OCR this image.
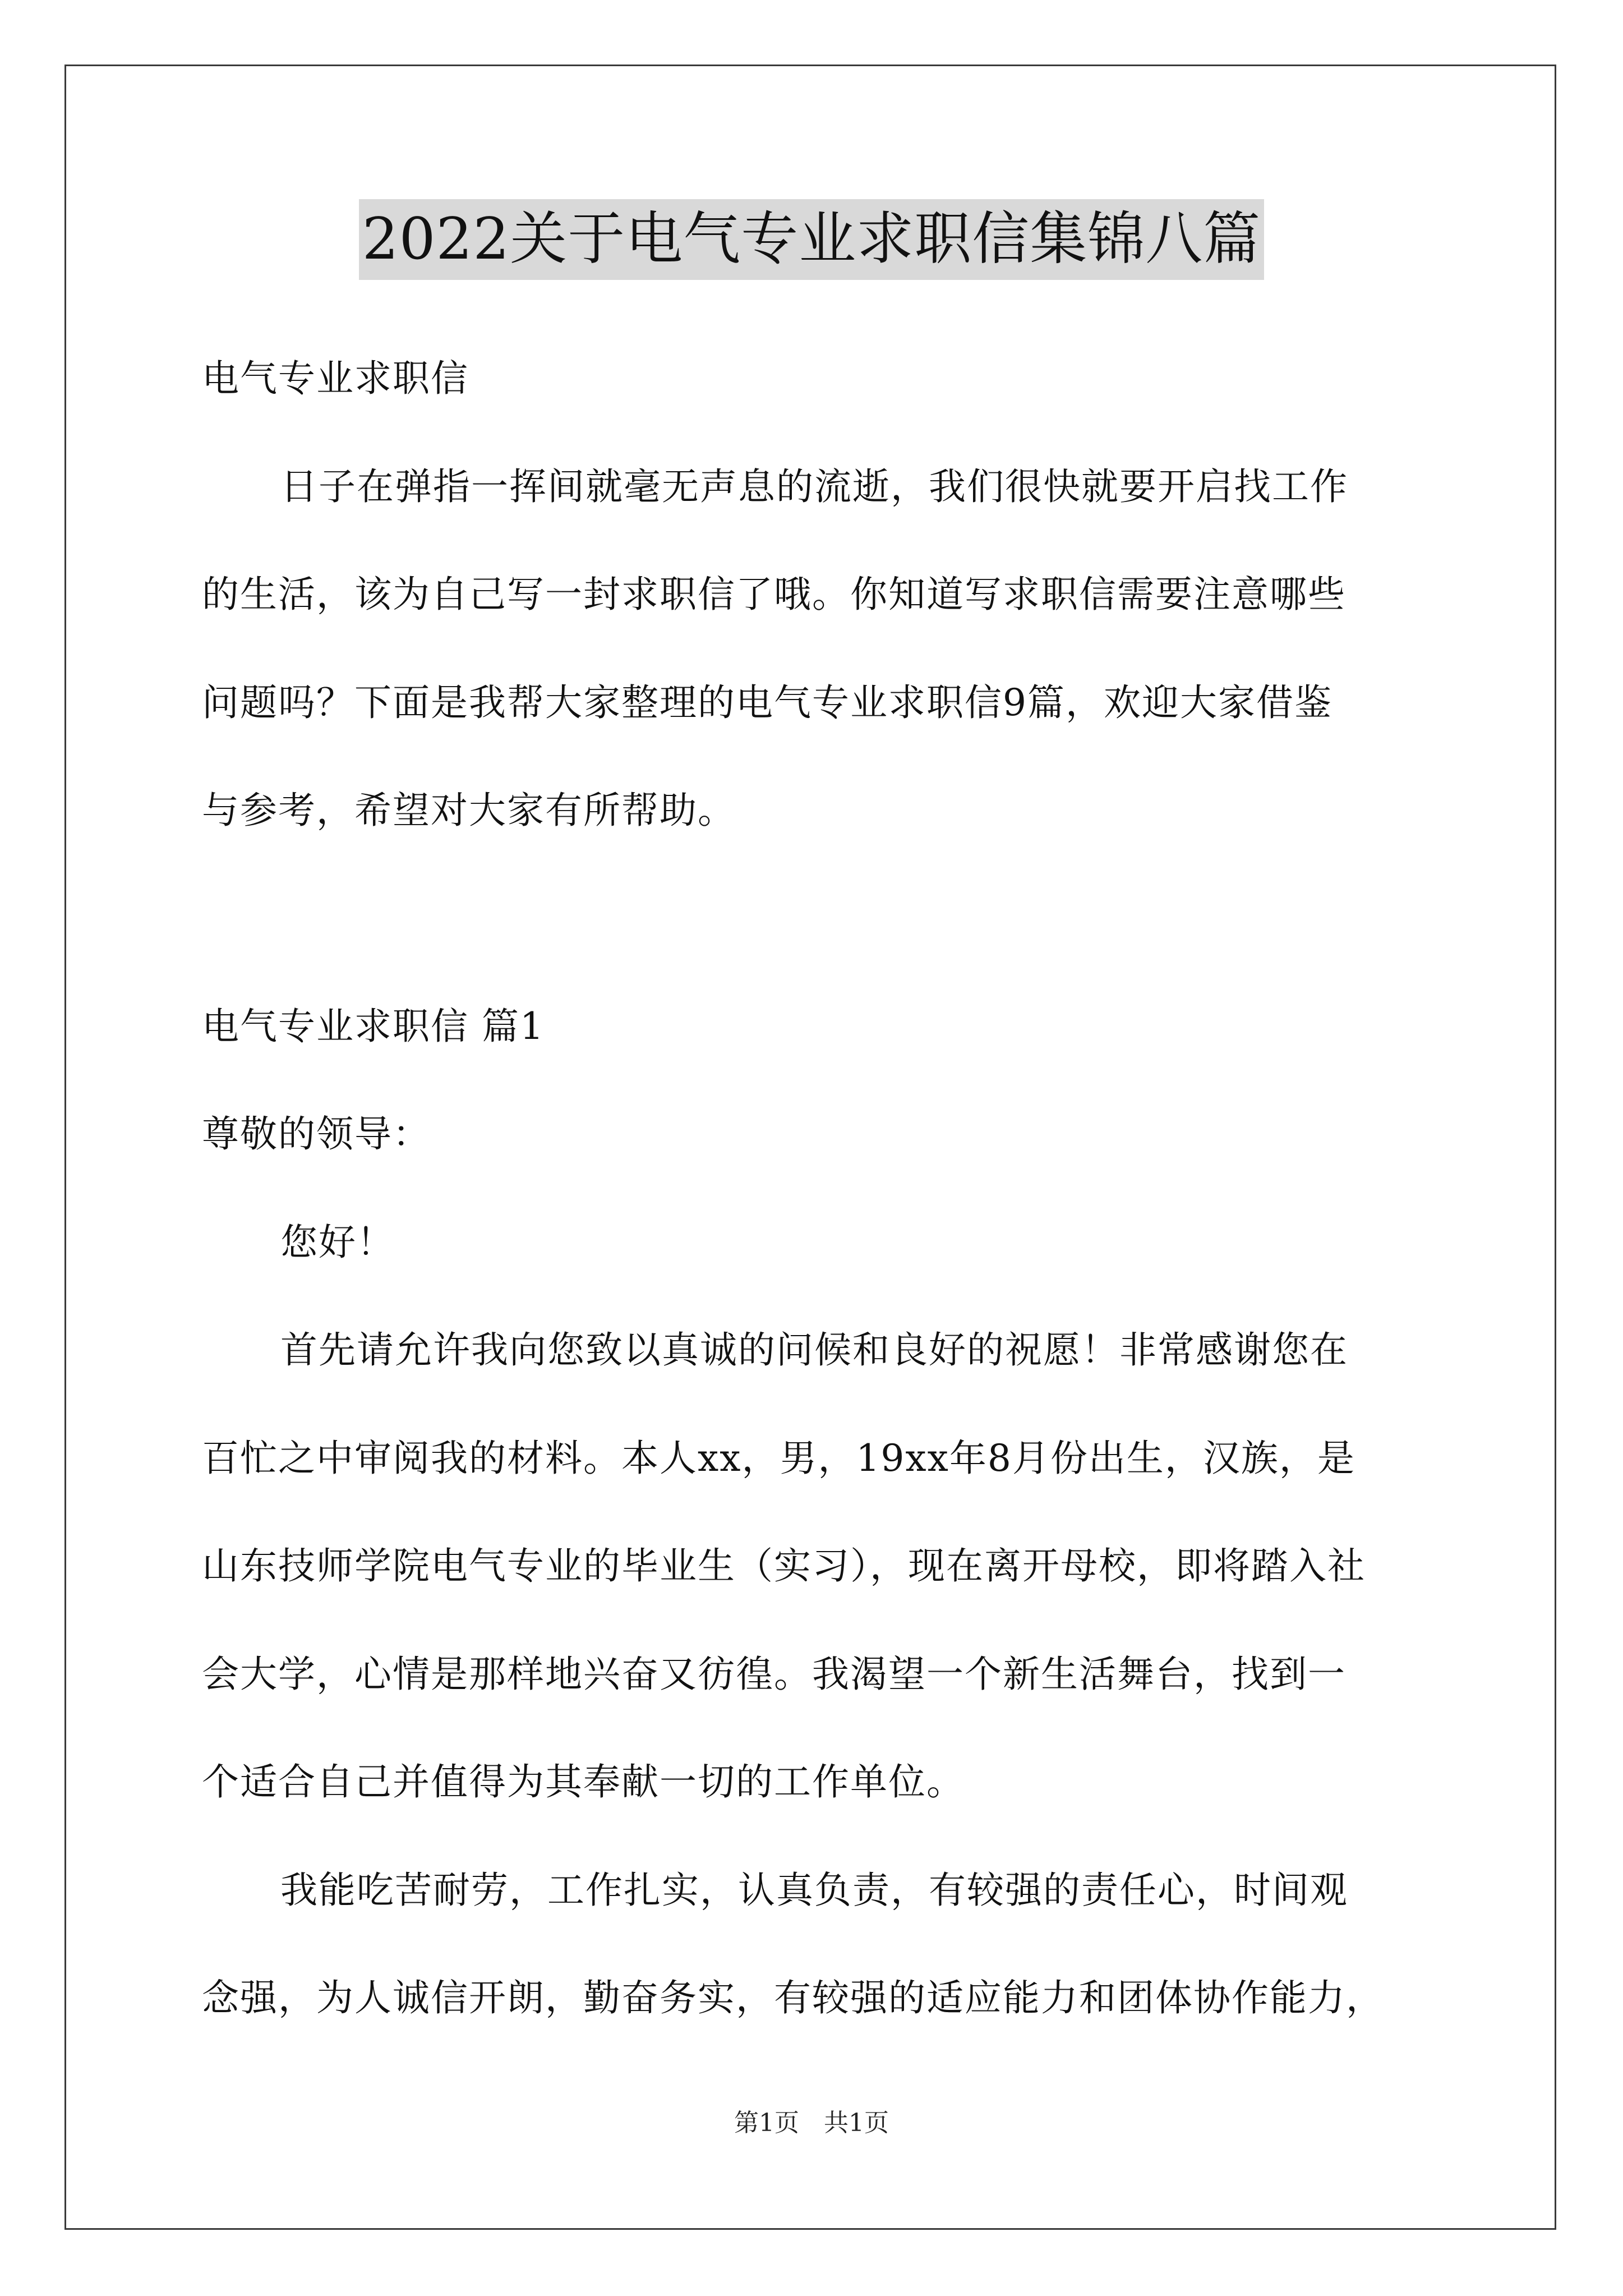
2022关于电气专业求职信集锦八篇
电气专业求职信
日子在弹指一挥间就毫无声息的流逝，我们很快就要开启找工作
的生活，该为自己写一封求职信了哦。你知道写求职信需要注意哪些
问题吗？下面是我帮大家整理的电气专业求职信9篇，欢迎大家借鉴
与参考，希望对大家有所帮助。
电气专业求职信 篇1
尊敬的领导：
您好！
首先请允许我向您致以真诚的问候和良好的祝愿！非常感谢您在
百忙之中审阅我的材料。本人xx，男，19xx年8月份出生，汉族，是
山东技师学院电气专业的毕业生（实习），现在离开母校，即将踏入社
会大学，心情是那样地兴奋又彷徨。我渴望一个新生活舞台，找到一
个适合自己并值得为其奉献一切的工作单位。
我能吃苦耐劳，工作扎实，认真负责，有较强的责任心，时间观
念强，为人诚信开朗，勤奋务实，有较强的适应能力和团体协作能力，
第1页　共1页
